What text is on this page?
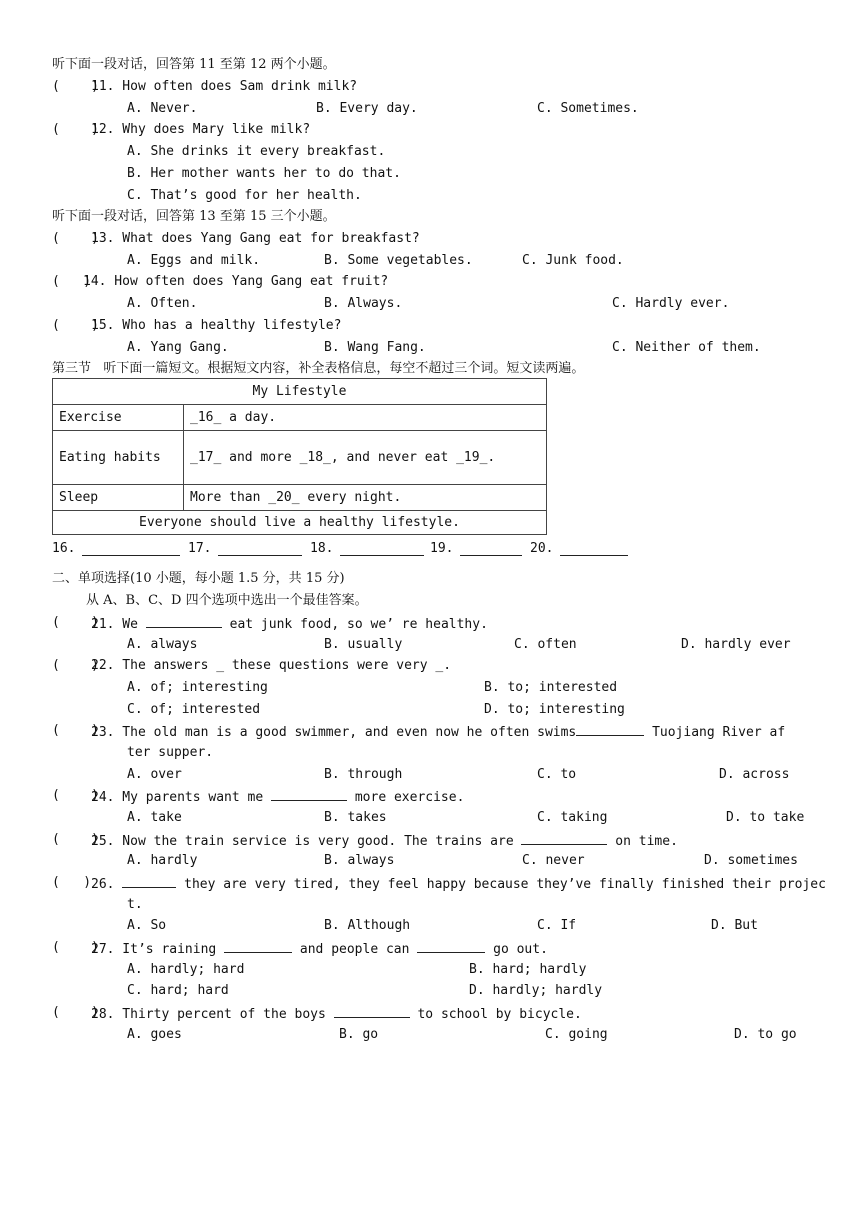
听下面一段对话，回答第 11 至第 12 两个小题。
(    )
11. How often does Sam drink milk?
A. Never.	B. Every day.	C. Sometimes.
(    )
12. Why does Mary like milk?
A. She drinks it every breakfast.
B. Her mother wants her to do that.
C. That’s good for her health.
听下面一段对话，回答第 13 至第 15 三个小题。
(    )
13. What does Yang Gang eat for breakfast?
A. Eggs and milk.	B. Some vegetables.	C. Junk food.
(   )
14. How often does Yang Gang eat fruit?
A. Often.	B. Always.	C. Hardly ever.
(    )
15. Who has a healthy lifestyle?
A. Yang Gang.	B. Wang Fang.	C. Neither of them.
第三节   听下面一篇短文。根据短文内容，补全表格信息，每空不超过三个词。短文读两遍。
My Lifestyle	
Exercise	_16_ a day.
Eating habits	_17_ and more _18_, and never eat _19_.
Sleep	More than _20_ every night.
Everyone should live a healthy lifestyle.	
16.	17.	18.	19.	20.
二、单项选择(10 小题，每小题 1.5 分，共 15 分)
从 A、B、C、D 四个选项中选出一个最佳答案。
(    )
21. We	eat junk food, so we’ re healthy.
A. always	B. usually	C. often	D. hardly ever
(    )
22. The answers _ these questions were very _.
A. of; interesting	B. to; interested
C. of; interested	D. to; interesting
(    )
23. The old man is a good swimmer, and even now he often swims	Tuojiang River af
ter supper.
A. over	B. through	C. to	D. across
(    )
24. My parents want me	more exercise.
A. take	B. takes	C. taking	D. to take
(    )
25. Now the train service is very good. The trains are	on time.
A. hardly	B. always	C. never	D. sometimes
(   ) 26.	they are very tired, they feel happy because they’ve finally finished their projec
t.
A. So	B. Although	C. If	D. But
(    )
27. It’s raining	and people can	go out.
A. hardly; hard	B. hard; hardly
C. hard; hard	D. hardly; hardly
(    )
28. Thirty percent of the boys	to school by bicycle.
A. goes	B. go	C. going	D. to go
